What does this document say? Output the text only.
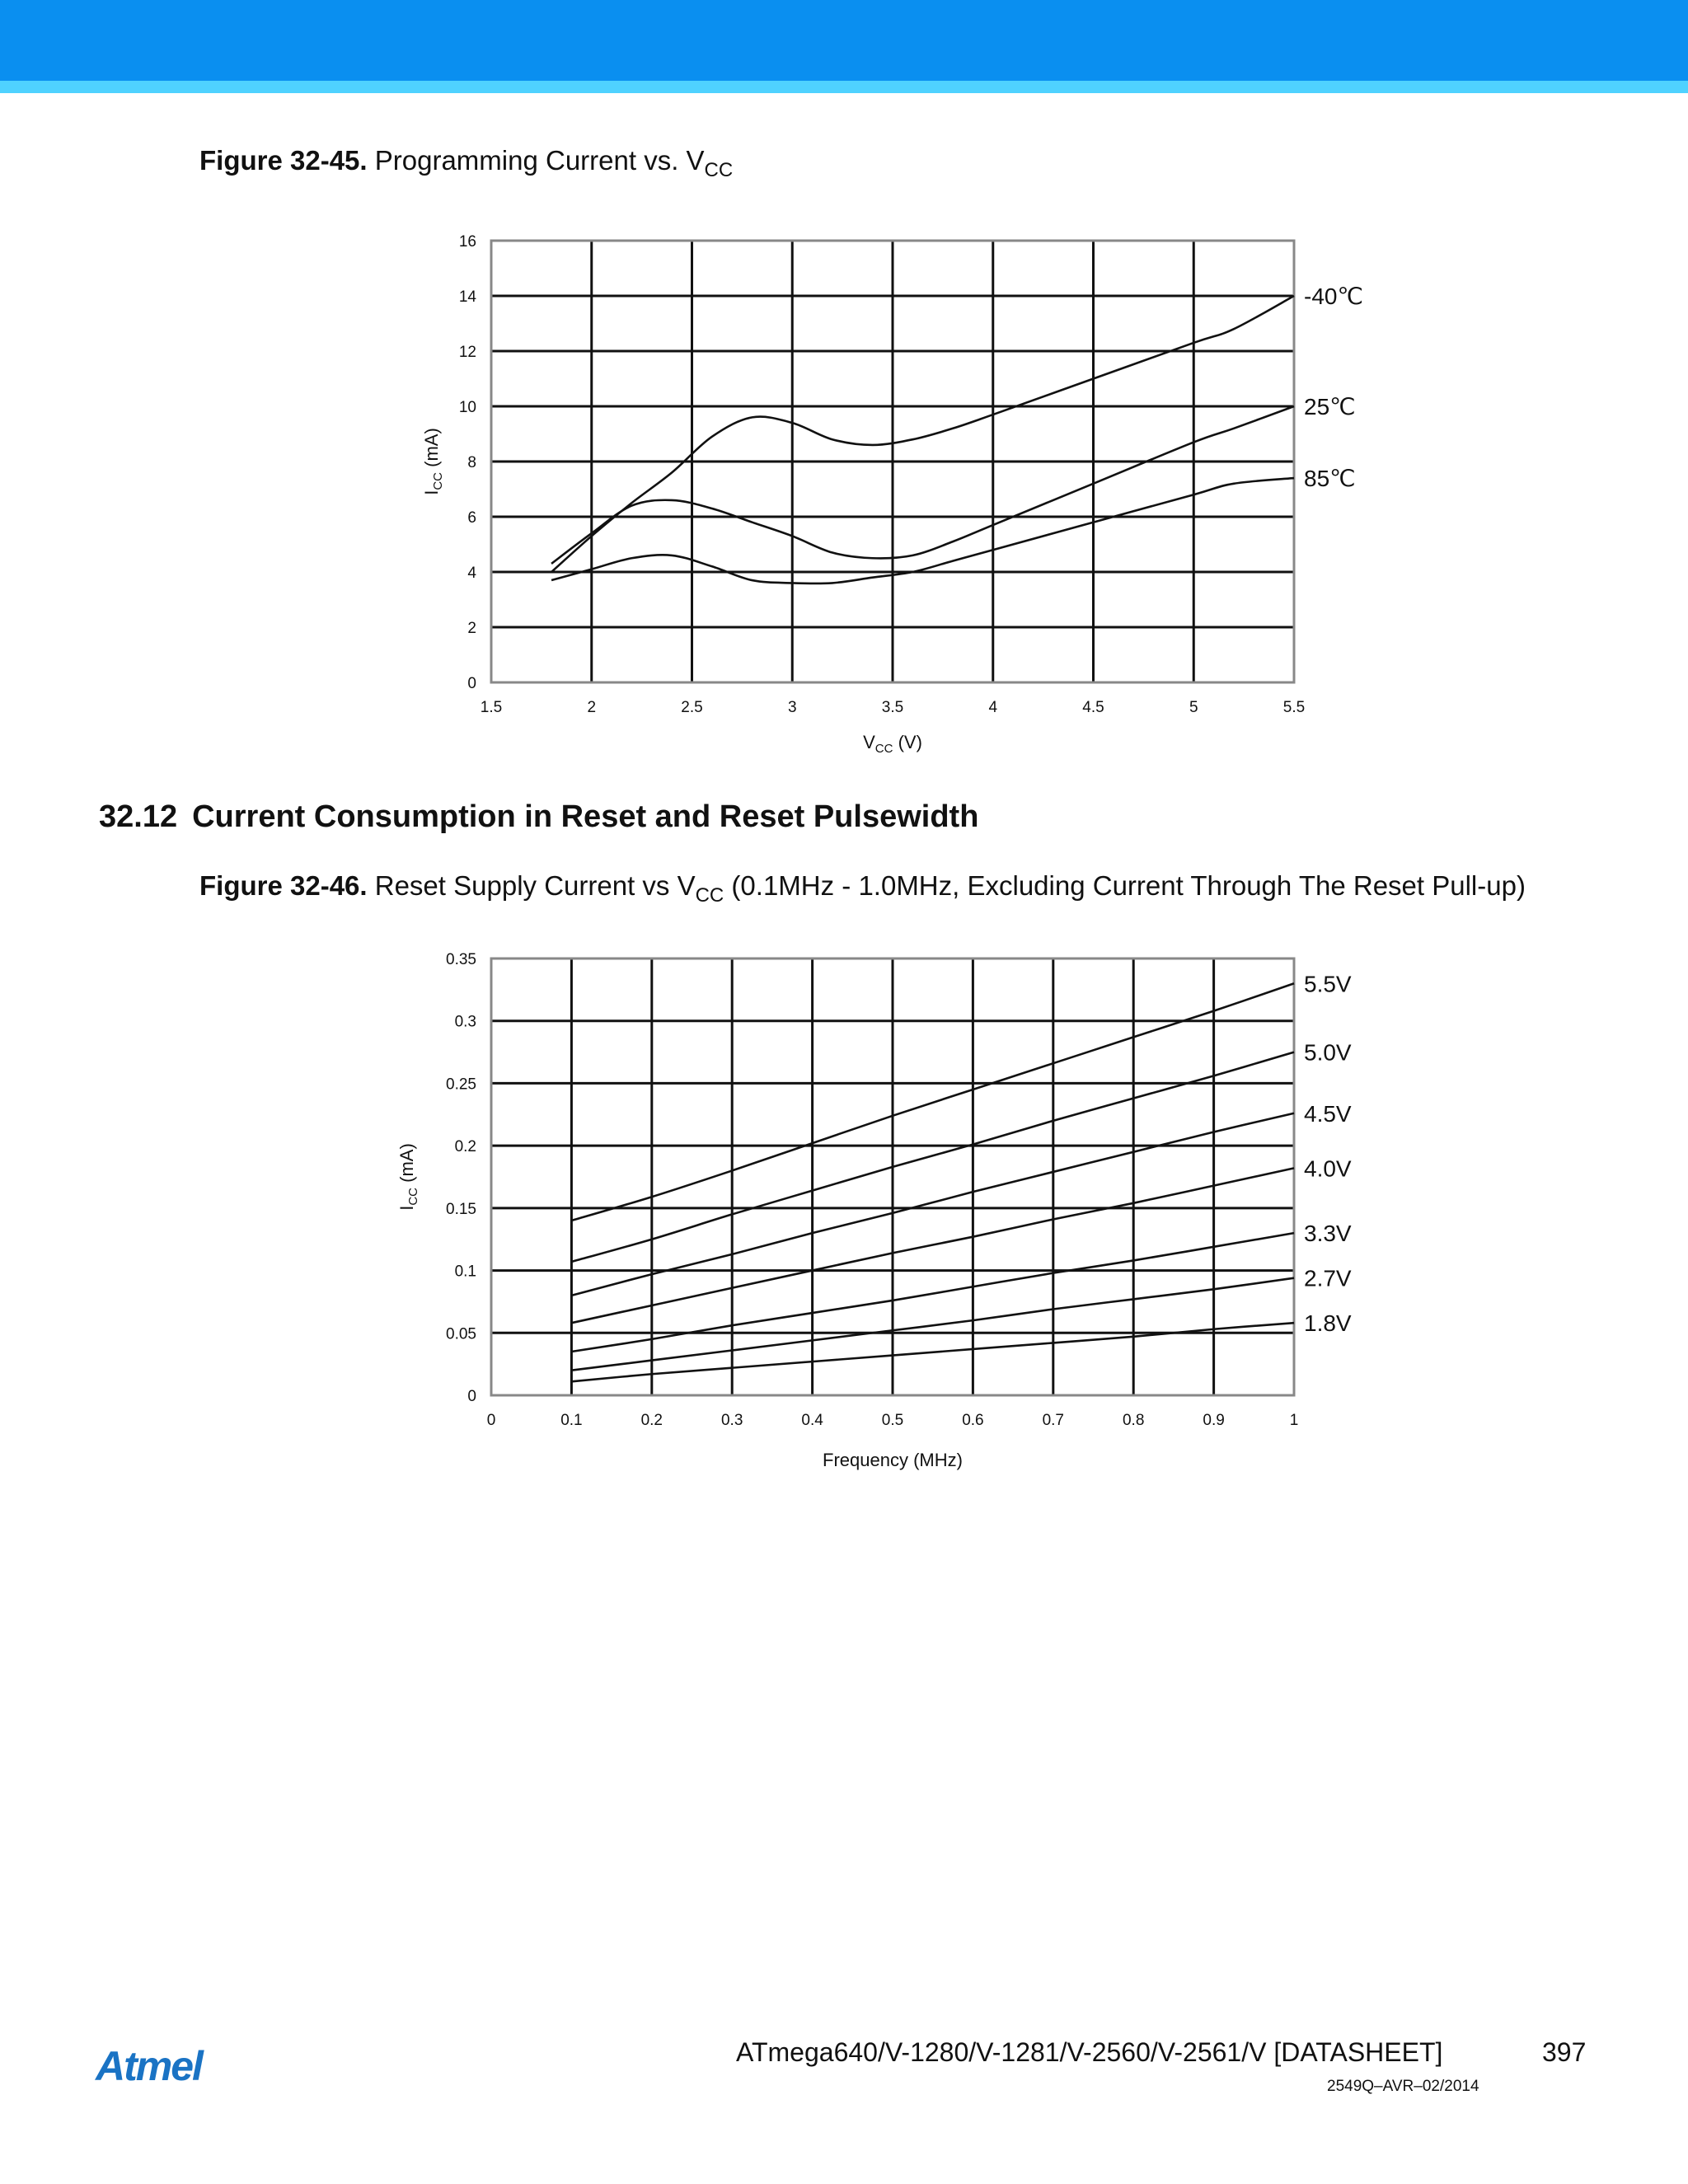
Figure 32-45. Programming Current vs. $V_{CC}$
1.5	2	2.5	3	3.5	4	4.5	5	5.5
0
2
4
6
8
10
12
14
16
$V_{CC}$ (V)
$I_{CC}$ (mA)
-40℃
25℃
85℃
32.12 Current Consumption in Reset and Reset Pulsewidth
Figure 32-46. Reset Supply Current vs $V_{CC}$ (0.1MHz - 1.0MHz, Excluding Current Through The Reset Pull-up)
0	0.1	0.2	0.3	0.4	0.5	0.6	0.7	0.8	0.9	1
0
0.05
0.1
0.15
0.2
0.25
0.3
0.35
Frequency (MHz)
$I_{CC}$ (mA)
5.5V
5.0V
4.5V
4.0V
3.3V
2.7V
1.8V
Atmel	ATmega640/V-1280/V-1281/V-2560/V-2561/V [DATASHEET]	397
2549Q–AVR–02/2014
